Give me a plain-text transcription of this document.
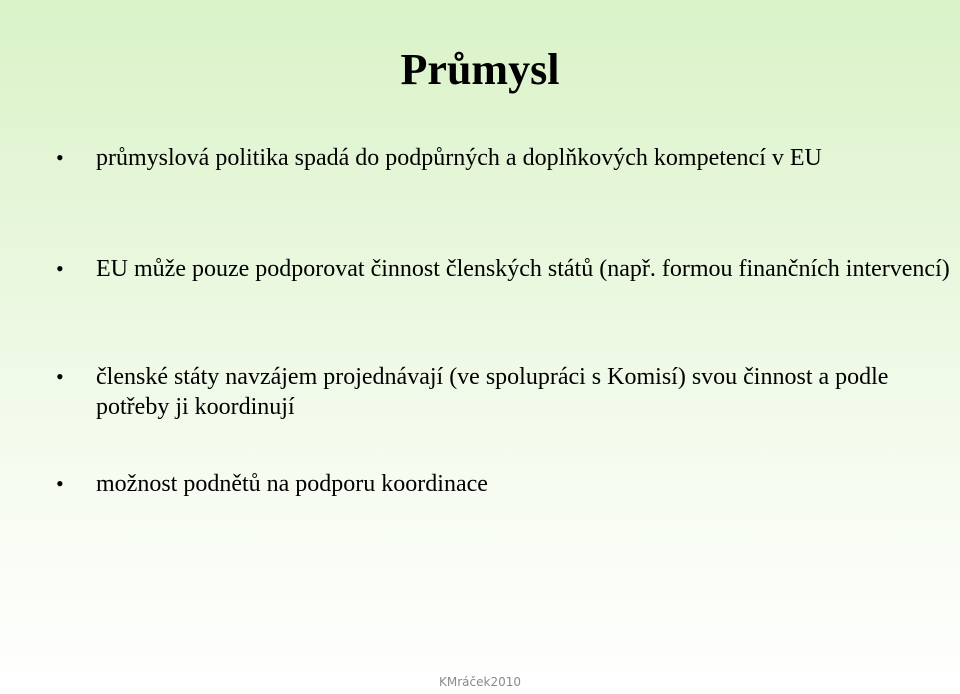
Průmysl
•	průmyslová politika spadá do podpůrných a doplňkových kompetencí v EU
•	EU může pouze podporovat činnost členských států (např. formou finančních intervencí)
•	členské státy navzájem projednávají (ve spolupráci s Komisí) svou činnost a podle potřeby ji koordinují
•	možnost podnětů na podporu koordinace
KMráček2010
